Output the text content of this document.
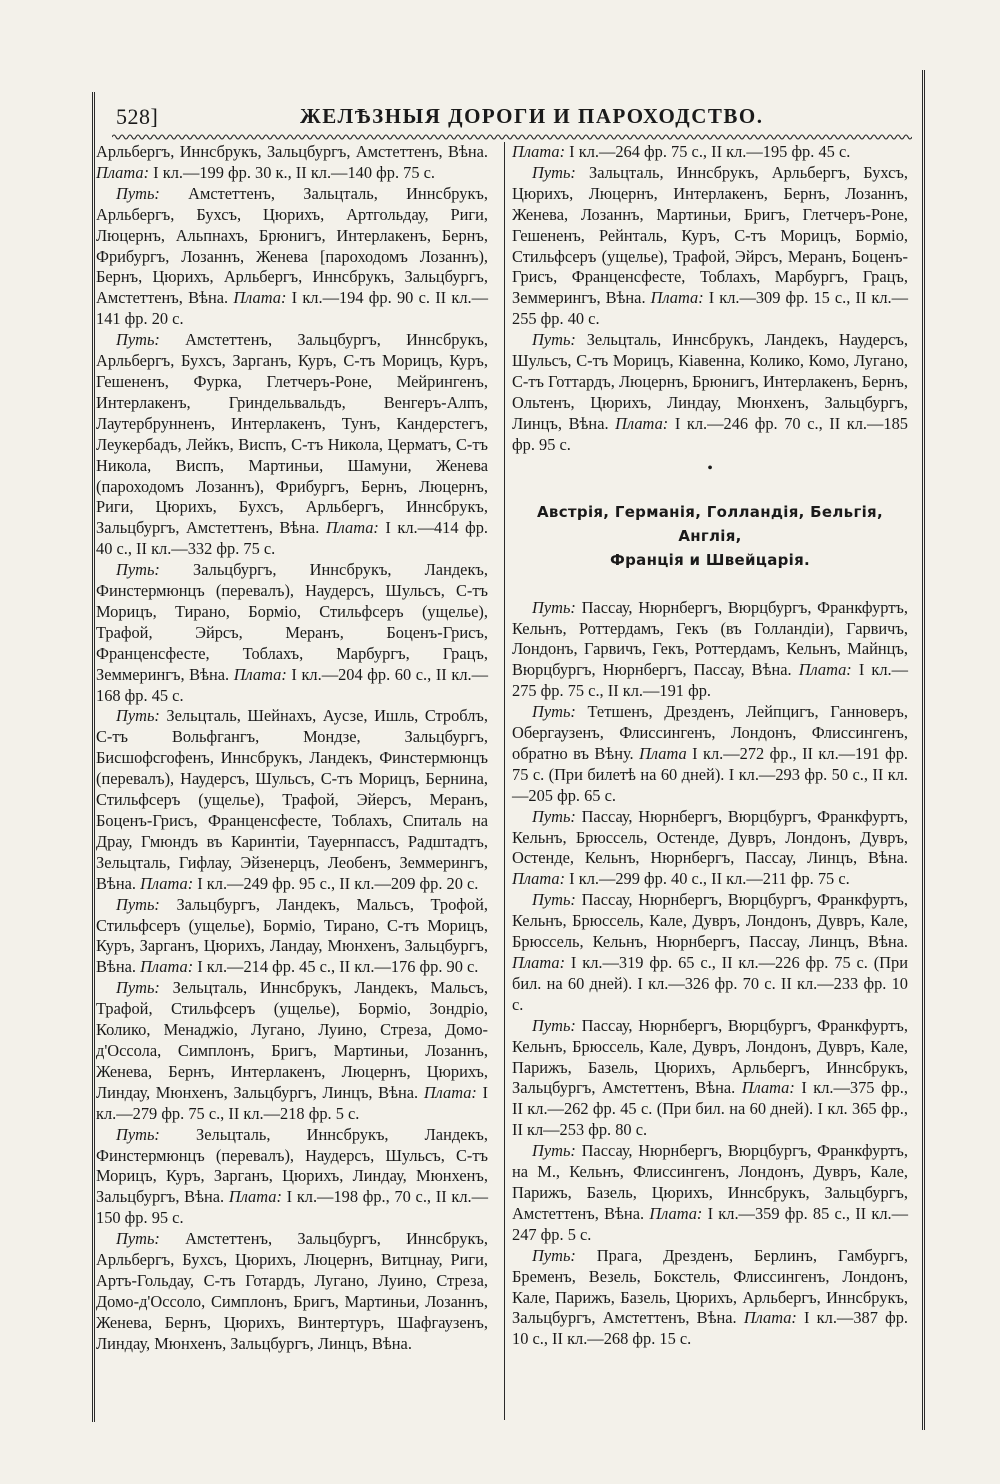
528]	ЖЕЛѢЗНЫЯ ДОРОГИ И ПАРОХОДСТВО.

Арльбергъ, Иннсбрукъ, Зальцбургъ, Амстеттенъ, Вѣна. Плата: I кл.—199 фр. 30 к., II кл.—140 фр. 75 с.

Путь: Амстеттенъ, Зальцталь, Иннсбрукъ, Арльбергъ, Бухсъ, Цюрихъ, Артгольдау, Риги, Люцернъ, Альпнахъ, Брюнигъ, Интерлакенъ, Бернъ, Фрибургъ, Лозаннъ, Женева [пароходомъ Лозаннъ), Бернъ, Цюрихъ, Арльбергъ, Иннсбрукъ, Зальцбургъ, Амстеттенъ, Вѣна. Плата: I кл.—194 фр. 90 с. II кл.—141 фр. 20 с.

Путь: Амстеттенъ, Зальцбургъ, Иннсбрукъ, Арльбергъ, Бухсъ, Зарганъ, Куръ, С-тъ Морицъ, Куръ, Гешененъ, Фурка, Глетчеръ-Роне, Мейрингенъ, Интерлакенъ, Гриндельвальдъ, Венгеръ-Алпъ, Лаутербрунненъ, Интерлакенъ, Тунъ, Кандерстегъ, Леукербадъ, Лейкъ, Виспъ, С-тъ Никола, Церматъ, С-тъ Никола, Виспъ, Мартиньи, Шамуни, Женева (пароходомъ Лозаннъ), Фрибургъ, Бернъ, Люцернъ, Риги, Цюрихъ, Бухсъ, Арльбергъ, Иннсбрукъ, Зальцбургъ, Амстеттенъ, Вѣна. Плата: I кл.—414 фр. 40 с., II кл.—332 фр. 75 с.

Путь: Зальцбургъ, Иннсбрукъ, Ландекъ, Финстермюнцъ (перевалъ), Наудерсъ, Шульсъ, С-тъ Морицъ, Тирано, Бормio, Стильфсеръ (ущелье), Трафой, Эйрсъ, Меранъ, Боценъ-Грисъ, Франценсфесте, Тоблахъ, Марбургъ, Грацъ, Земмерингъ, Вѣна. Плата: I кл.—204 фр. 60 с., II кл.—168 фр. 45 с.

Путь: Зельцталь, Шейнахъ, Аусзе, Ишль, Строблъ, С-тъ Вольфгангъ, Мондзе, Зальцбургъ, Бисшофсгофенъ, Иннсбрукъ, Ландекъ, Финстермюнцъ (перевалъ), Наудерсъ, Шульсъ, С-тъ Морицъ, Бернина, Стильфсеръ (ущелье), Трафой, Эйерсъ, Меранъ, Боценъ-Грисъ, Франценсфесте, Тоблахъ, Спиталь на Драу, Гмюндъ въ Каринтіи, Тауернпассъ, Радштадтъ, Зельцталь, Гифлау, Эйзенерцъ, Леобенъ, Земмерингъ, Вѣна. Плата: I кл.—249 фр. 95 с., II кл.—209 фр. 20 с.

Путь: Зальцбургъ, Ландекъ, Мальсъ, Трофой, Стильфсеръ (ущелье), Бормio, Тирано, С-тъ Морицъ, Куръ, Зарганъ, Цюрихъ, Ландау, Мюнхенъ, Зальцбургъ, Вѣна. Плата: I кл.—214 фр. 45 с., II кл.—176 фр. 90 с.

Путь: Зельцталь, Иннсбрукъ, Ландекъ, Мальсъ, Трафой, Стильфсеръ (ущелье), Бормio, Зондріо, Колико, Менаджіо, Лугано, Луино, Стреза, Домо-д'Оссола, Симплонъ, Бригъ, Мартиньи, Лозаннъ, Женева, Бернъ, Интерлакенъ, Люцернъ, Цюрихъ, Линдау, Мюнхенъ, Зальцбургъ, Линцъ, Вѣна. Плата: I кл.—279 фр. 75 с., II кл.—218 фр. 5 с.

Путь: Зельцталь, Иннсбрукъ, Ландекъ, Финстермюнцъ (перевалъ), Наудерсъ, Шульсъ, С-тъ Морицъ, Куръ, Зарганъ, Цюрихъ, Линдау, Мюнхенъ, Зальцбургъ, Вѣна. Плата: I кл.—198 фр., 70 с., II кл.—150 фр. 95 с.

Путь: Амстеттенъ, Зальцбургъ, Иннсбрукъ, Арльбергъ, Бухсъ, Цюрихъ, Люцернъ, Витцнау, Риги, Артъ-Гольдау, С-тъ Готардъ, Лугано, Луино, Стреза, Домо-д'Оссоло, Симплонъ, Бригъ, Мартиньи, Лозаннъ, Женева, Бернъ, Цюрихъ, Винтертуръ, Шафгаузенъ, Линдау, Мюнхенъ, Зальцбургъ, Линцъ, Вѣна.

Плата: I кл.—264 фр. 75 с., II кл.—195 фр. 45 с.

Путь: Зальцталь, Иннсбрукъ, Арльбергъ, Бухсъ, Цюрихъ, Люцернъ, Интерлакенъ, Бернъ, Лозаннъ, Женева, Лозаннъ, Мартиньи, Бригъ, Глетчеръ-Роне, Гешененъ, Рейнталь, Куръ, С-тъ Морицъ, Бормio, Стильфсеръ (ущелье), Трафой, Эйрсъ, Меранъ, Боценъ-Грисъ, Франценсфесте, Тоблахъ, Марбургъ, Грацъ, Земмерингъ, Вѣна. Плата: I кл.—309 фр. 15 с., II кл.—255 фр. 40 с.

Путь: Зельцталь, Иннсбрукъ, Ландекъ, Наудерсъ, Шульсъ, С-тъ Морицъ, Кіавенна, Колико, Комо, Лугано, С-тъ Готтардъ, Люцернъ, Брюнигъ, Интерлакенъ, Бернъ, Ольтенъ, Цюрихъ, Линдау, Мюнхенъ, Зальцбургъ, Линцъ, Вѣна. Плата: I кл.—246 фр. 70 с., II кл.—185 фр. 95 с.

•
Австрія, Германія, Голландія, Бельгія, Англія,
Франція и Швейцарія.

Путь: Пассау, Нюрнбергъ, Вюрцбургъ, Франкфуртъ, Кельнъ, Роттердамъ, Гекъ (въ Голландіи), Гарвичъ, Лондонъ, Гарвичъ, Гекъ, Роттердамъ, Кельнъ, Майнцъ, Вюрцбургъ, Нюрнбергъ, Пассау, Вѣна. Плата: I кл.—275 фр. 75 с., II кл.—191 фр.

Путь: Тетшенъ, Дрезденъ, Лейпцигъ, Ганноверъ, Обергаузенъ, Флиссингенъ, Лондонъ, Флиссингенъ, обратно въ Вѣну. Плата I кл.—272 фр., II кл.—191 фр. 75 с. (При билетѣ на 60 дней). I кл.—293 фр. 50 с., II кл.—205 фр. 65 с.

Путь: Пассау, Нюрнбергъ, Вюрцбургъ, Франкфуртъ, Кельнъ, Брюссель, Остенде, Дувръ, Лондонъ, Дувръ, Остенде, Кельнъ, Нюрнбергъ, Пассау, Линцъ, Вѣна. Плата: I кл.—299 фр. 40 с., II кл.—211 фр. 75 с.

Путь: Пассау, Нюрнбергъ, Вюрцбургъ, Франкфуртъ, Кельнъ, Брюссель, Кале, Дувръ, Лондонъ, Дувръ, Кале, Брюссель, Кельнъ, Нюрнбергъ, Пассау, Линцъ, Вѣна. Плата: I кл.—319 фр. 65 с., II кл.—226 фр. 75 с. (При бил. на 60 дней). I кл.—326 фр. 70 с. II кл.—233 фр. 10 с.

Путь: Пассау, Нюрнбергъ, Вюрцбургъ, Франкфуртъ, Кельнъ, Брюссель, Кале, Дувръ, Лондонъ, Дувръ, Кале, Парижъ, Базель, Цюрихъ, Арльбергъ, Иннсбрукъ, Зальцбургъ, Амстеттенъ, Вѣна. Плата: I кл.—375 фр., II кл.—262 фр. 45 с. (При бил. на 60 дней). I кл. 365 фр., II кл—253 фр. 80 с.

Путь: Пассау, Нюрнбергъ, Вюрцбургъ, Франкфуртъ, на М., Кельнъ, Флиссингенъ, Лондонъ, Дувръ, Кале, Парижъ, Базель, Цюрихъ, Иннсбрукъ, Зальцбургъ, Амстеттенъ, Вѣна. Плата: I кл.—359 фр. 85 с., II кл.—247 фр. 5 с.

Путь: Прага, Дрезденъ, Берлинъ, Гамбургъ, Бременъ, Везель, Бокстель, Флиссингенъ, Лондонъ, Кале, Парижъ, Базель, Цюрихъ, Арльбергъ, Иннсбрукъ, Зальцбургъ, Амстеттенъ, Вѣна. Плата: I кл.—387 фр. 10 с., II кл.—268 фр. 15 с.
